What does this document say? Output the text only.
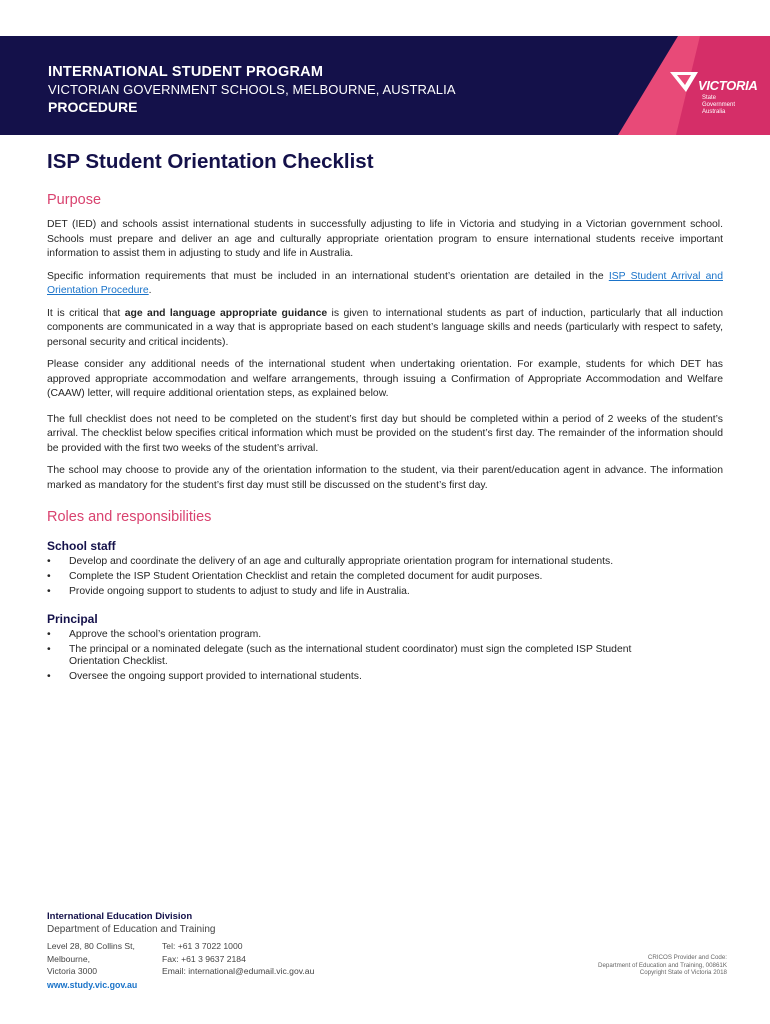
INTERNATIONAL STUDENT PROGRAM
VICTORIAN GOVERNMENT SCHOOLS, MELBOURNE, AUSTRALIA
PROCEDURE
VICTORIA
State
Government
Australia
ISP Student Orientation Checklist
Purpose

DET (IED) and schools assist international students in successfully adjusting to life in Victoria and studying in a Victorian government school. Schools must prepare and deliver an age and culturally appropriate orientation program to ensure international students receive important information to assist them in adjusting to study and life in Australia.

Specific information requirements that must be included in an international student’s orientation are detailed in the ISP Student Arrival and Orientation Procedure.

It is critical that age and language appropriate guidance is given to international students as part of induction, particularly that all induction components are communicated in a way that is appropriate based on each student’s language skills and needs (particularly with respect to safety, personal security and critical incidents).

Please consider any additional needs of the international student when undertaking orientation. For example, students for which DET has approved appropriate accommodation and welfare arrangements, through issuing a Confirmation of Appropriate Accommodation and Welfare (CAAW) letter, will require additional orientation steps, as explained below.

The full checklist does not need to be completed on the student’s first day but should be completed within a period of 2 weeks of the student’s arrival. The checklist below specifies critical information which must be provided on the student’s first day. The remainder of the information should be provided with the first two weeks of the student’s arrival.

The school may choose to provide any of the orientation information to the student, via their parent/education agent in advance. The information marked as mandatory for the student’s first day must still be discussed on the student’s first day.

Roles and responsibilities
School staff
• Develop and coordinate the delivery of an age and culturally appropriate orientation program for international students.
• Complete the ISP Student Orientation Checklist and retain the completed document for audit purposes.
• Provide ongoing support to students to adjust to study and life in Australia.
Principal
• Approve the school’s orientation program.
• The principal or a nominated delegate (such as the international student coordinator) must sign the completed ISP Student Orientation Checklist.
• Oversee the ongoing support provided to international students.
International Education Division
Department of Education and Training
Level 28, 80 Collins St,
Melbourne,
Victoria 3000
Tel: +61 3 7022 1000
Fax: +61 3 9637 2184
Email: international@edumail.vic.gov.au
www.study.vic.gov.au
CRICOS Provider and Code:
Department of Education and Training, 00861K
Copyright State of Victoria 2018
